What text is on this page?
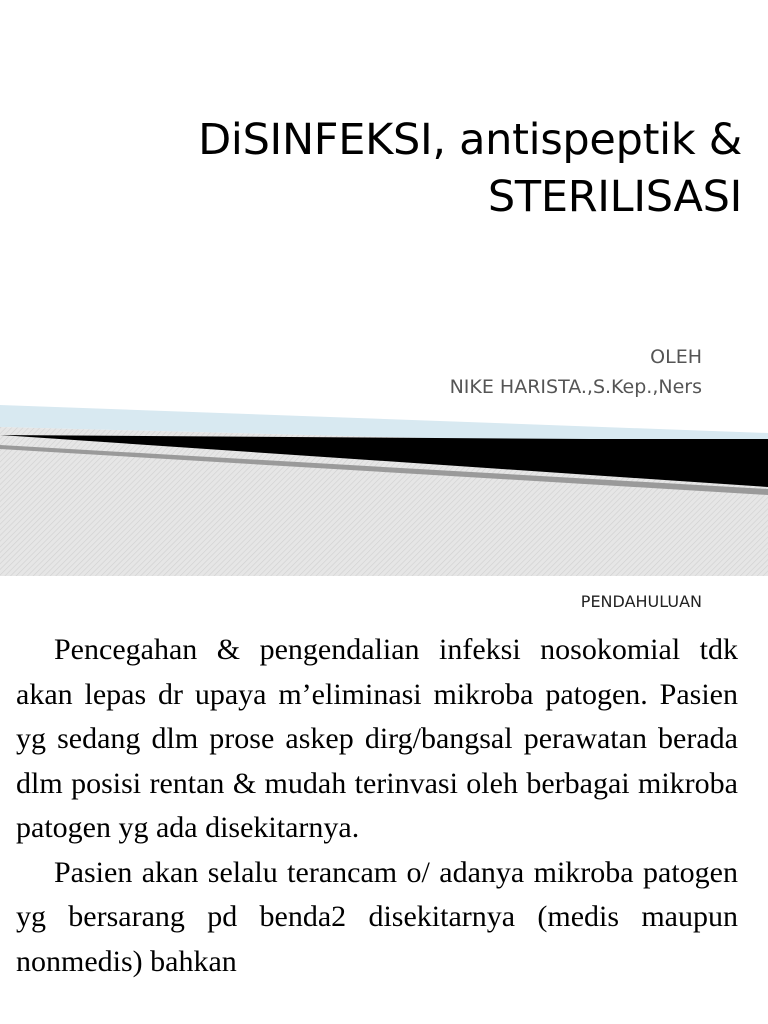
DiSINFEKSI, antispeptik &
STERILISASI
OLEH
NIKE HARISTA.,S.Kep.,Ners
PENDAHULUAN

Pencegahan & pengendalian infeksi nosokomial tdk akan lepas dr upaya m’eliminasi mikroba patogen. Pasien yg sedang dlm prose askep dirg/bangsal perawatan berada dlm posisi rentan & mudah terinvasi oleh berbagai mikroba patogen yg ada disekitarnya.

Pasien akan selalu terancam o/ adanya mikroba patogen yg bersarang pd benda2 disekitarnya (medis maupun nonmedis) bahkan
